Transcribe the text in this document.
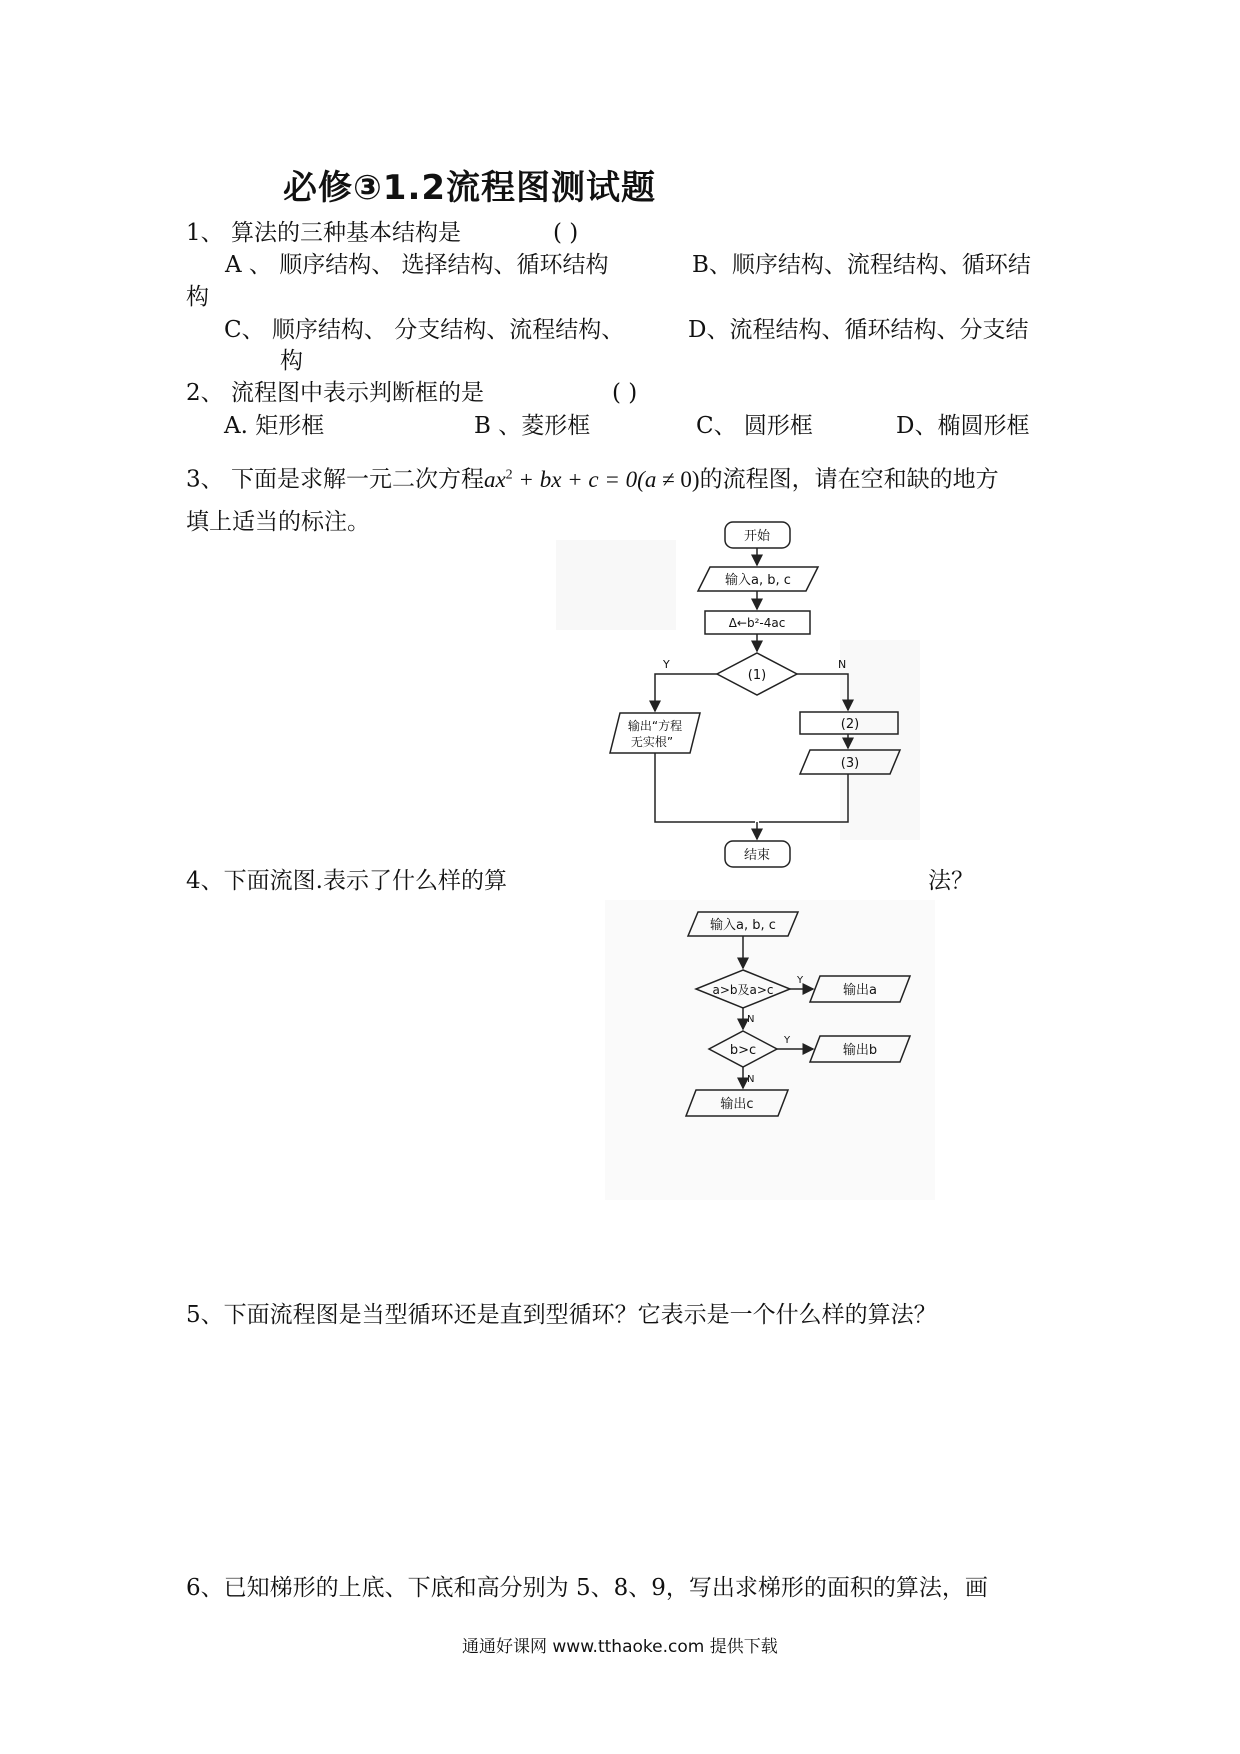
必修③1.2流程图测试题
1、 算法的三种基本结构是	( )
A 、 顺序结构、 选择结构、循环结构	B、顺序结构、流程结构、循环结
构
C、 顺序结构、 分支结构、流程结构、	D、流程结构、循环结构、分支结
构
2、 流程图中表示判断框的是	( )
A. 矩形框	B 、菱形框	C、 圆形框	D、椭圆形框
3、 下面是求解一元二次方程$ax^2$ + bx + c = 0(a ≠ 0)的流程图，请在空和缺的地方
填上适当的标注。
开始
输入a, b, c
Δ←b²-4ac
(1)
Y	N
输出“方程
无实根”
(2)
(3)
结束
4、下面流图.表示了什么样的算	法？
输入a, b, c
a>b及a>c
Y
输出a
N
b>c
Y
输出b
N
输出c
5、下面流程图是当型循环还是直到型循环？它表示是一个什么样的算法？
6、已知梯形的上底、下底和高分别为 5、8、9，写出求梯形的面积的算法，画
通通好课网 www.tthaoke.com 提供下载
